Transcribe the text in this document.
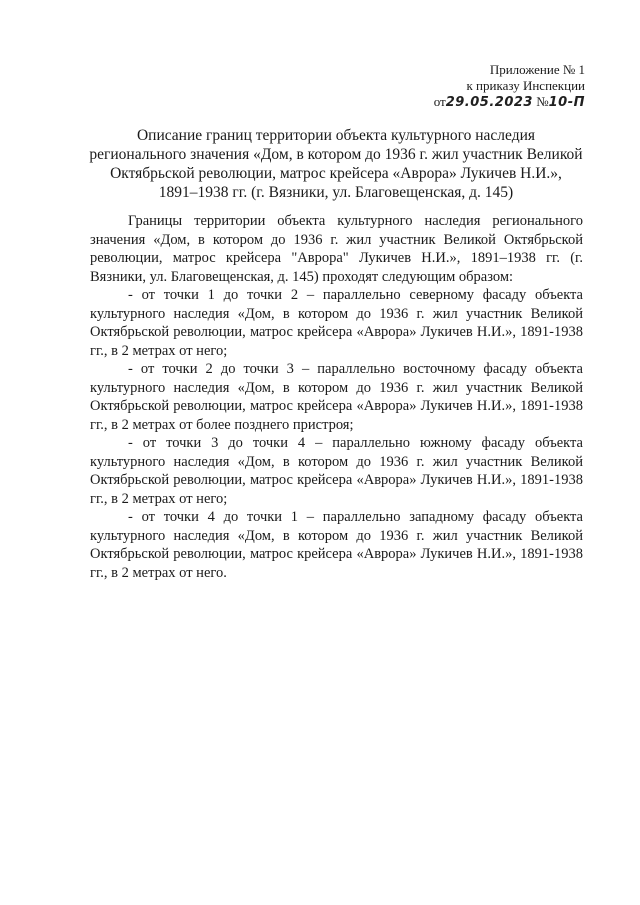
Приложение № 1
к приказу Инспекции
от29.05.2023 №10-П
Описание границ территории объекта культурного наследия
регионального значения «Дом, в котором до 1936 г. жил участник Великой
Октябрьской революции, матрос крейсера «Аврора» Лукичев Н.И.»,
1891–1938 гг. (г. Вязники, ул. Благовещенская, д. 145)

Границы территории объекта культурного наследия регионального значения «Дом, в котором до 1936 г. жил участник Великой Октябрьской революции, матрос крейсера "Аврора" Лукичев Н.И.», 1891–1938 гг. (г. Вязники, ул. Благовещенская, д. 145) проходят следующим образом:

- от точки 1 до точки 2 – параллельно северному фасаду объекта культурного наследия «Дом, в котором до 1936 г. жил участник Великой Октябрьской революции, матрос крейсера «Аврора» Лукичев Н.И.», 1891-1938 гг., в 2 метрах от него;

- от точки 2 до точки 3 – параллельно восточному фасаду объекта культурного наследия «Дом, в котором до 1936 г. жил участник Великой Октябрьской революции, матрос крейсера «Аврора» Лукичев Н.И.», 1891-1938 гг., в 2 метрах от более позднего пристроя;

- от точки 3 до точки 4 – параллельно южному фасаду объекта культурного наследия «Дом, в котором до 1936 г. жил участник Великой Октябрьской революции, матрос крейсера «Аврора» Лукичев Н.И.», 1891-1938 гг., в 2 метрах от него;

- от точки 4 до точки 1 – параллельно западному фасаду объекта культурного наследия «Дом, в котором до 1936 г. жил участник Великой Октябрьской революции, матрос крейсера «Аврора» Лукичев Н.И.», 1891-1938 гг., в 2 метрах от него.
